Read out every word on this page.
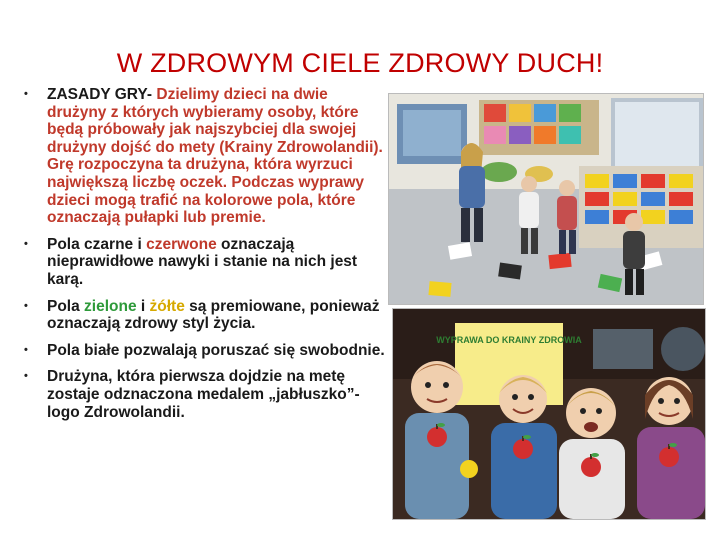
W ZDROWYM CIELE ZDROWY DUCH!
• ZASADY GRY- Dzielimy dzieci na dwie drużyny z których wybieramy osoby, które będą próbowały jak najszybciej dla swojej drużyny dojść do mety (Krainy Zdrowolandii). Grę rozpoczyna ta drużyna, która wyrzuci największą liczbę oczek. Podczas wyprawy dzieci mogą trafić na kolorowe pola, które oznaczają pułapki lub premie.
• Pola czarne i czerwone oznaczają nieprawidłowe nawyki i stanie na nich jest karą.
• Pola zielone i żółte są premiowane, ponieważ oznaczają zdrowy styl życia.
• Pola białe pozwalają poruszać się swobodnie.
• Drużyna, która pierwsza dojdzie na metę zostaje odznaczona medalem „jabłuszko”- logo Zdrowolandii.
WYPRAWA DO KRAINY ZDROWIA
